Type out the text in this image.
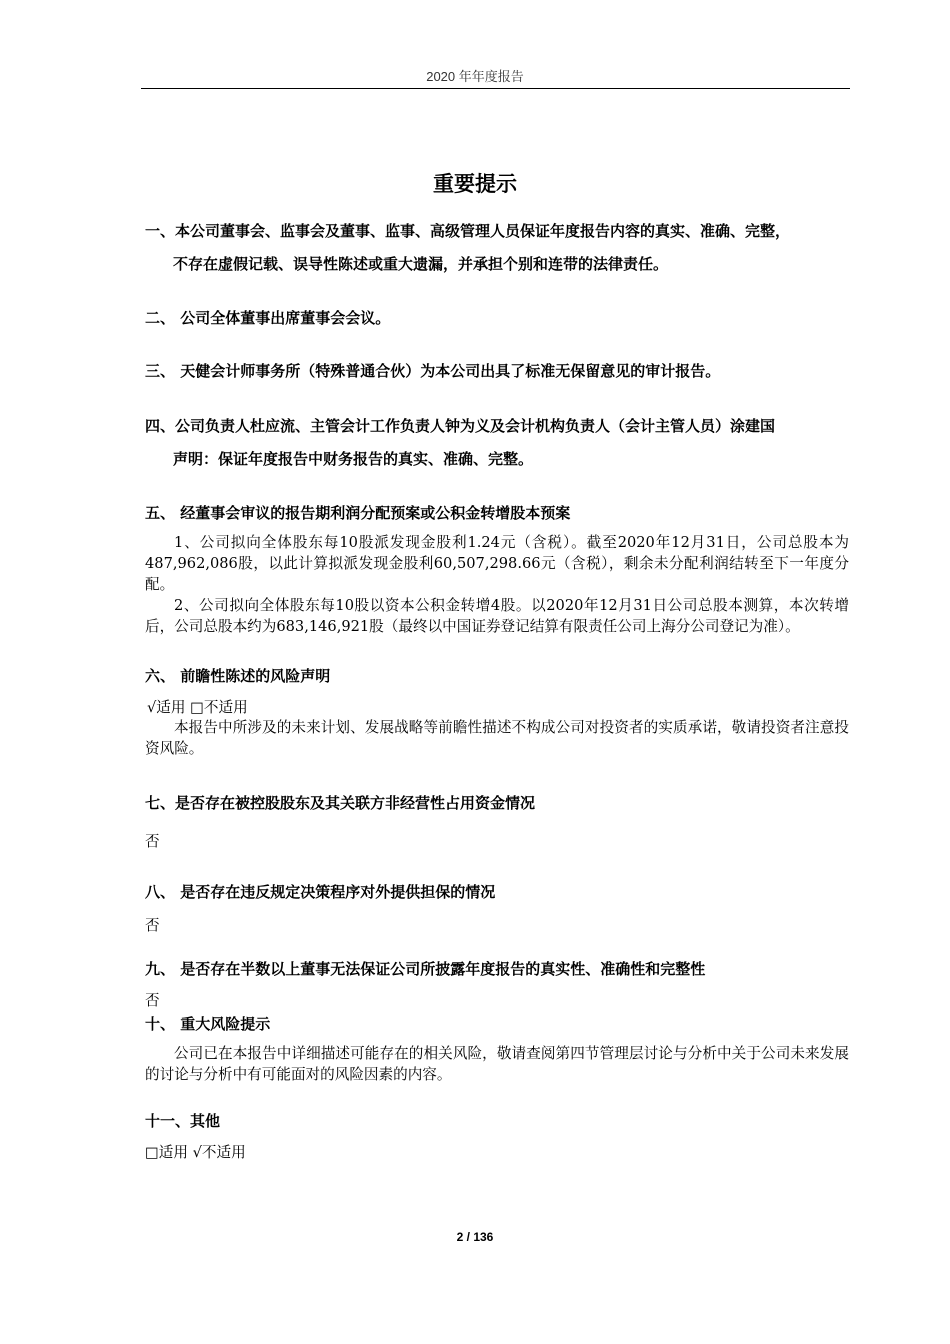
2020 年年度报告
重要提示
一、本公司董事会、监事会及董事、监事、高级管理人员保证年度报告内容的真实、准确、完整，
不存在虚假记载、误导性陈述或重大遗漏，并承担个别和连带的法律责任。
二、 公司全体董事出席董事会会议。
三、 天健会计师事务所（特殊普通合伙）为本公司出具了标准无保留意见的审计报告。
四、公司负责人杜应流、主管会计工作负责人钟为义及会计机构负责人（会计主管人员）涂建国
声明：保证年度报告中财务报告的真实、准确、完整。
五、 经董事会审议的报告期利润分配预案或公积金转增股本预案

1、公司拟向全体股东每10股派发现金股利1.24元（含税）。截至2020年12月31日，公司总股本为487,962,086股，以此计算拟派发现金股利60,507,298.66元（含税），剩余未分配利润结转至下一年度分配。

2、公司拟向全体股东每10股以资本公积金转增4股。以2020年12月31日公司总股本测算，本次转增后，公司总股本约为683,146,921股（最终以中国证券登记结算有限责任公司上海分公司登记为准）。

六、 前瞻性陈述的风险声明
√适用 □不适用

本报告中所涉及的未来计划、发展战略等前瞻性描述不构成公司对投资者的实质承诺，敬请投资者注意投资风险。

七、是否存在被控股股东及其关联方非经营性占用资金情况
否
八、 是否存在违反规定决策程序对外提供担保的情况
否
九、 是否存在半数以上董事无法保证公司所披露年度报告的真实性、准确性和完整性
否
十、 重大风险提示

公司已在本报告中详细描述可能存在的相关风险，敬请查阅第四节管理层讨论与分析中关于公司未来发展的讨论与分析中有可能面对的风险因素的内容。

十一、其他
□适用 √不适用
2 / 136
